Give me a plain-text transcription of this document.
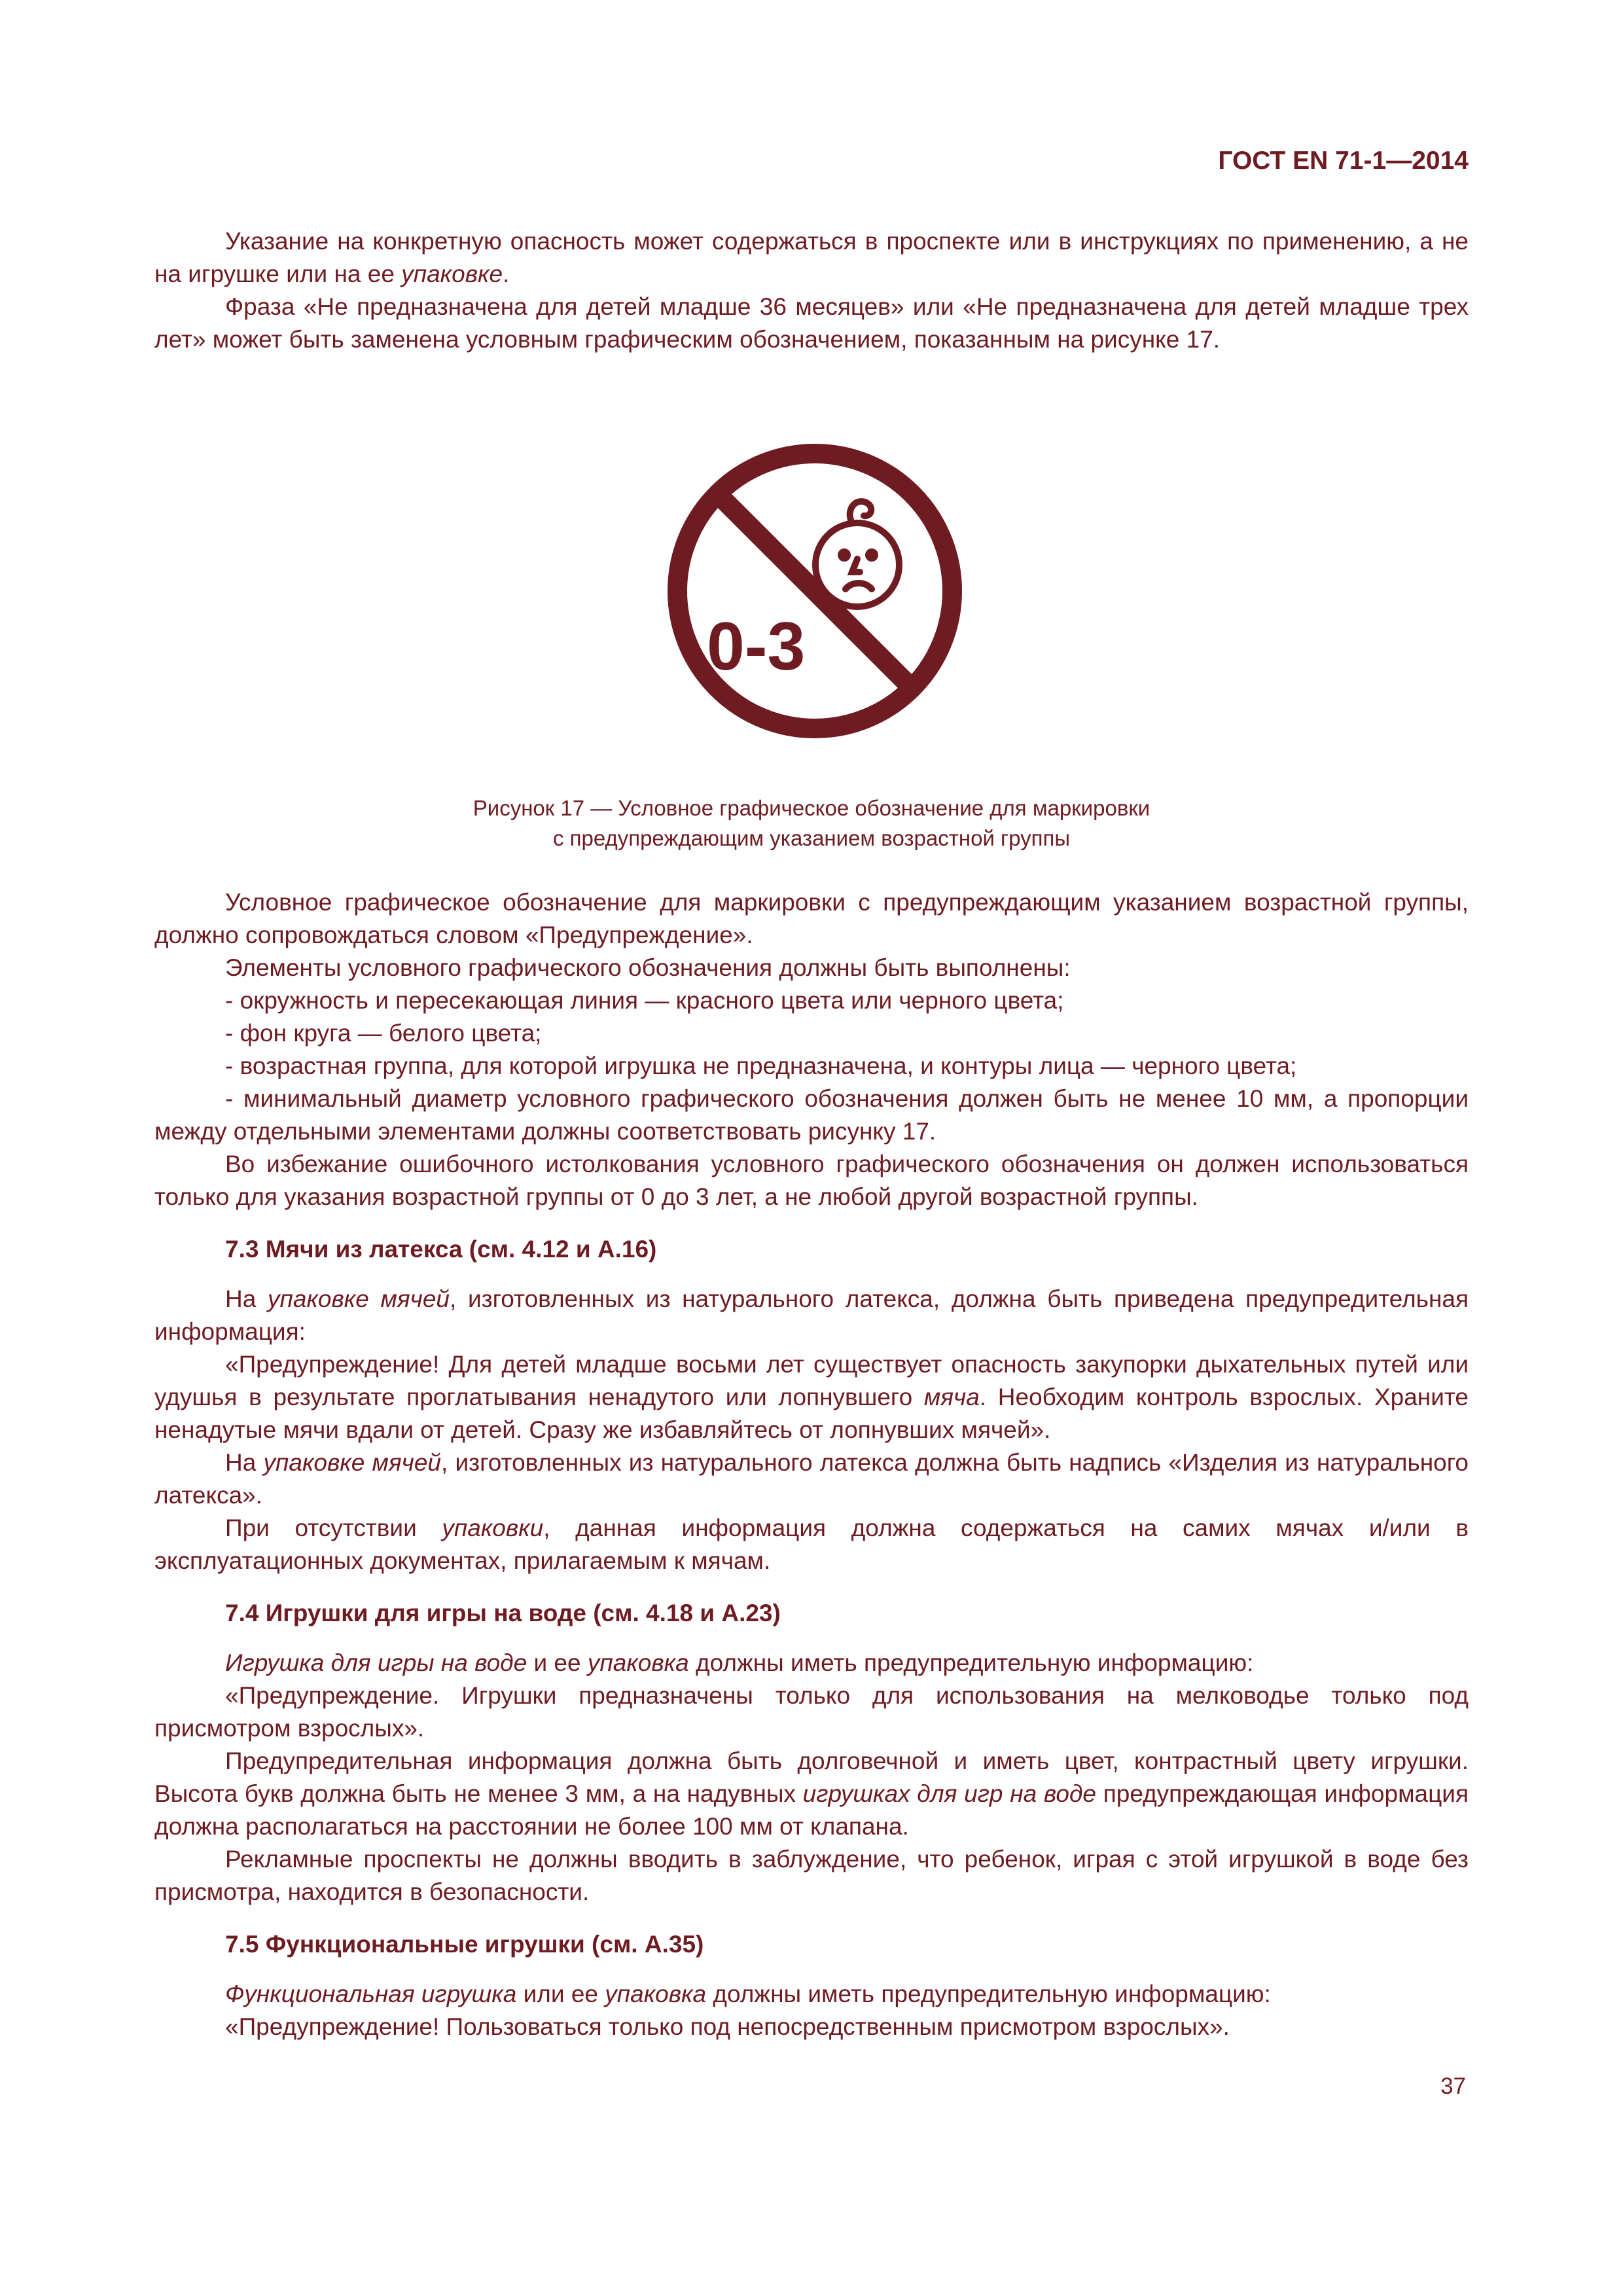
ГОСТ EN 71-1—2014

Указание на конкретную опасность может содержаться в проспекте или в инструкциях по применению, а не на игрушке или на ее упаковке.

Фраза «Не предназначена для детей младше 36 месяцев» или «Не предназначена для детей младше трех лет» может быть заменена условным графическим обозначением, показанным на рисунке 17.

0-3
Рисунок 17 — Условное графическое обозначение для маркировки
с предупреждающим указанием возрастной группы

Условное графическое обозначение для маркировки с предупреждающим указанием возрастной группы, должно сопровождаться словом «Предупреждение».

Элементы условного графического обозначения должны быть выполнены:

- окружность и пересекающая линия — красного цвета или черного цвета;

- фон круга — белого цвета;

- возрастная группа, для которой игрушка не предназначена, и контуры лица — черного цвета;

- минимальный диаметр условного графического обозначения должен быть не менее 10 мм, а пропорции между отдельными элементами должны соответствовать рисунку 17.

Во избежание ошибочного истолкования условного графического обозначения он должен использоваться только для указания возрастной группы от 0 до 3 лет, а не любой другой возрастной группы.

7.3 Мячи из латекса (см. 4.12 и А.16)

На упаковке мячей, изготовленных из натурального латекса, должна быть приведена предупредительная информация:

«Предупреждение! Для детей младше восьми лет существует опасность закупорки дыхательных путей или удушья в результате проглатывания ненадутого или лопнувшего мяча. Необходим контроль взрослых. Храните ненадутые мячи вдали от детей. Сразу же избавляйтесь от лопнувших мячей».

На упаковке мячей, изготовленных из натурального латекса должна быть надпись «Изделия из натурального латекса».

При отсутствии упаковки, данная информация должна содержаться на самих мячах и/или в эксплуатационных документах, прилагаемым к мячам.

7.4 Игрушки для игры на воде (см. 4.18 и А.23)

Игрушка для игры на воде и ее упаковка должны иметь предупредительную информацию:

«Предупреждение. Игрушки предназначены только для использования на мелководье только под присмотром взрослых».

Предупредительная информация должна быть долговечной и иметь цвет, контрастный цвету игрушки. Высота букв должна быть не менее 3 мм, а на надувных игрушках для игр на воде предупреждающая информация должна располагаться на расстоянии не более 100 мм от клапана.

Рекламные проспекты не должны вводить в заблуждение, что ребенок, играя с этой игрушкой в воде без присмотра, находится в безопасности.

7.5 Функциональные игрушки (см. А.35)

Функциональная игрушка или ее упаковка должны иметь предупредительную информацию:

«Предупреждение! Пользоваться только под непосредственным присмотром взрослых».

37
